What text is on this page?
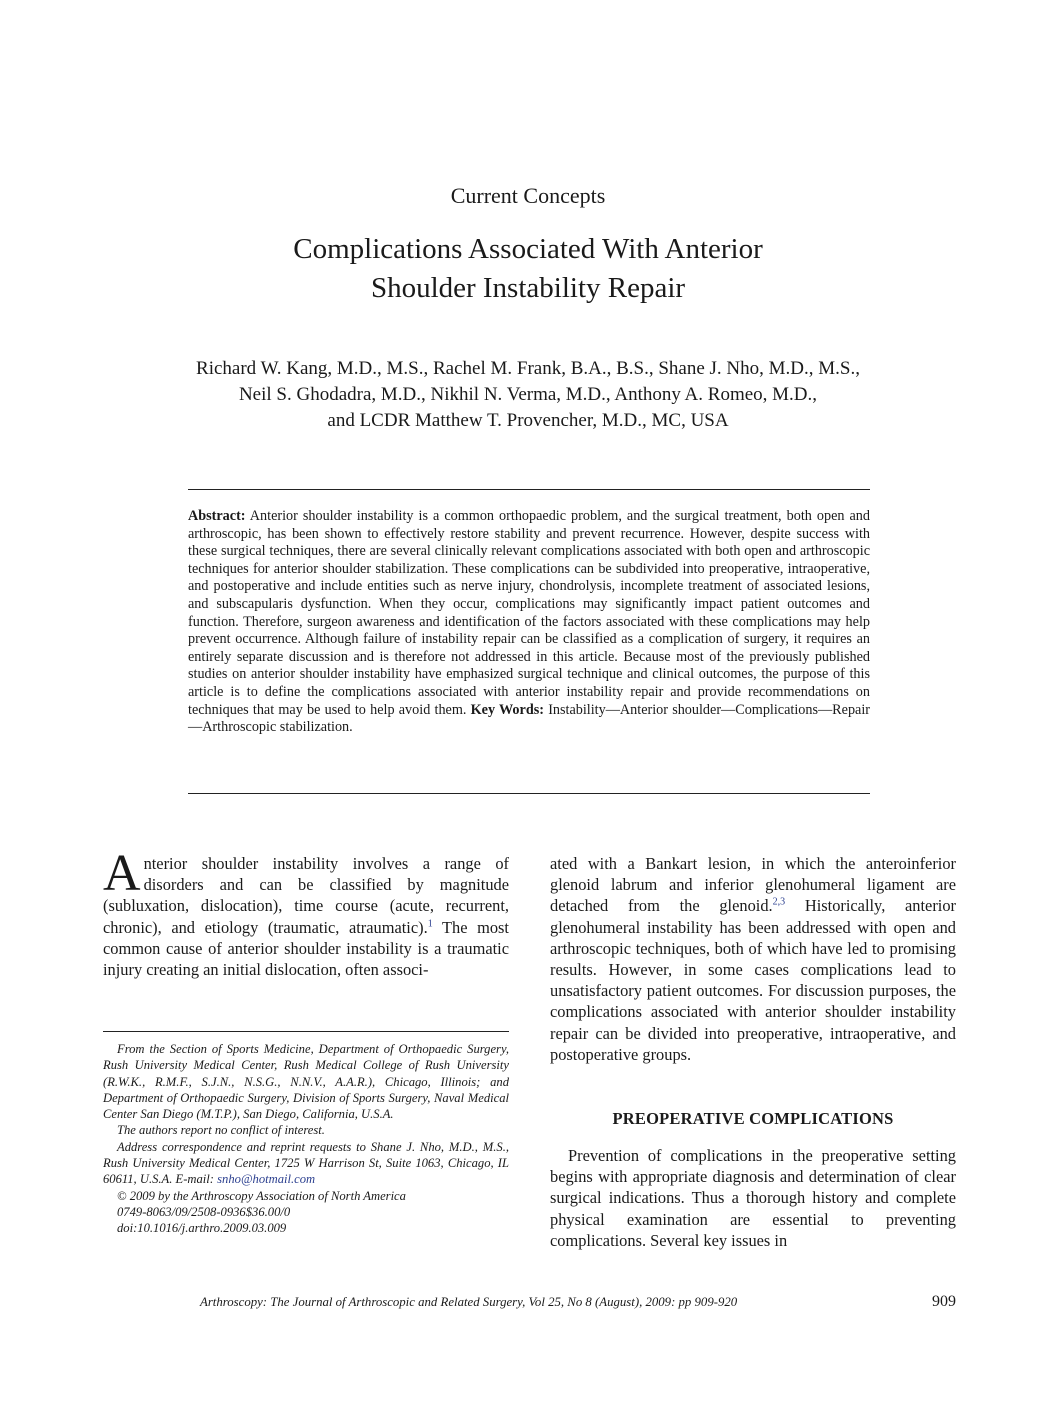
Current Concepts
Complications Associated With Anterior
Shoulder Instability Repair
Richard W. Kang, M.D., M.S., Rachel M. Frank, B.A., B.S., Shane J. Nho, M.D., M.S.,
Neil S. Ghodadra, M.D., Nikhil N. Verma, M.D., Anthony A. Romeo, M.D.,
and LCDR Matthew T. Provencher, M.D., MC, USA
Abstract: Anterior shoulder instability is a common orthopaedic problem, and the surgical treatment, both open and arthroscopic, has been shown to effectively restore stability and prevent recurrence. However, despite success with these surgical techniques, there are several clinically relevant complications associated with both open and arthroscopic techniques for anterior shoulder stabilization. These complications can be subdivided into preoperative, intraoperative, and postoperative and include entities such as nerve injury, chondrolysis, incomplete treatment of associated lesions, and subscapularis dysfunction. When they occur, complications may significantly impact patient outcomes and function. Therefore, surgeon awareness and identification of the factors associated with these complications may help prevent occurrence. Although failure of instability repair can be classified as a complication of surgery, it requires an entirely separate discussion and is therefore not addressed in this article. Because most of the previously published studies on anterior shoulder instability have emphasized surgical technique and clinical outcomes, the purpose of this article is to define the complications associated with anterior instability repair and provide recommendations on techniques that may be used to help avoid them. Key Words: Instability—Anterior shoulder—Complications—Repair—Arthroscopic stabilization.
Anterior shoulder instability involves a range of disorders and can be classified by magnitude (subluxation, dislocation), time course (acute, recurrent, chronic), and etiology (traumatic, atraumatic).$^1$ The most common cause of anterior shoulder instability is a traumatic injury creating an initial dislocation, often associ-
ated with a Bankart lesion, in which the anteroinferior glenoid labrum and inferior glenohumeral ligament are detached from the glenoid.$^{2,3}$ Historically, anterior glenohumeral instability has been addressed with open and arthroscopic techniques, both of which have led to promising results. However, in some cases complications lead to unsatisfactory patient outcomes. For discussion purposes, the complications associated with anterior shoulder instability repair can be divided into preoperative, intraoperative, and postoperative groups.
PREOPERATIVE COMPLICATIONS
Prevention of complications in the preoperative setting begins with appropriate diagnosis and determination of clear surgical indications. Thus a thorough history and complete physical examination are essential to preventing complications. Several key issues in

From the Section of Sports Medicine, Department of Orthopaedic Surgery, Rush University Medical Center, Rush Medical College of Rush University (R.W.K., R.M.F., S.J.N., N.S.G., N.N.V., A.A.R.), Chicago, Illinois; and Department of Orthopaedic Surgery, Division of Sports Surgery, Naval Medical Center San Diego (M.T.P.), San Diego, California, U.S.A.

The authors report no conflict of interest.

Address correspondence and reprint requests to Shane J. Nho, M.D., M.S., Rush University Medical Center, 1725 W Harrison St, Suite 1063, Chicago, IL 60611, U.S.A. E-mail: snho@hotmail.com

© 2009 by the Arthroscopy Association of North America

0749-8063/09/2508-0936$36.00/0

doi:10.1016/j.arthro.2009.03.009

Arthroscopy: The Journal of Arthroscopic and Related Surgery, Vol 25, No 8 (August), 2009: pp 909-920	909
